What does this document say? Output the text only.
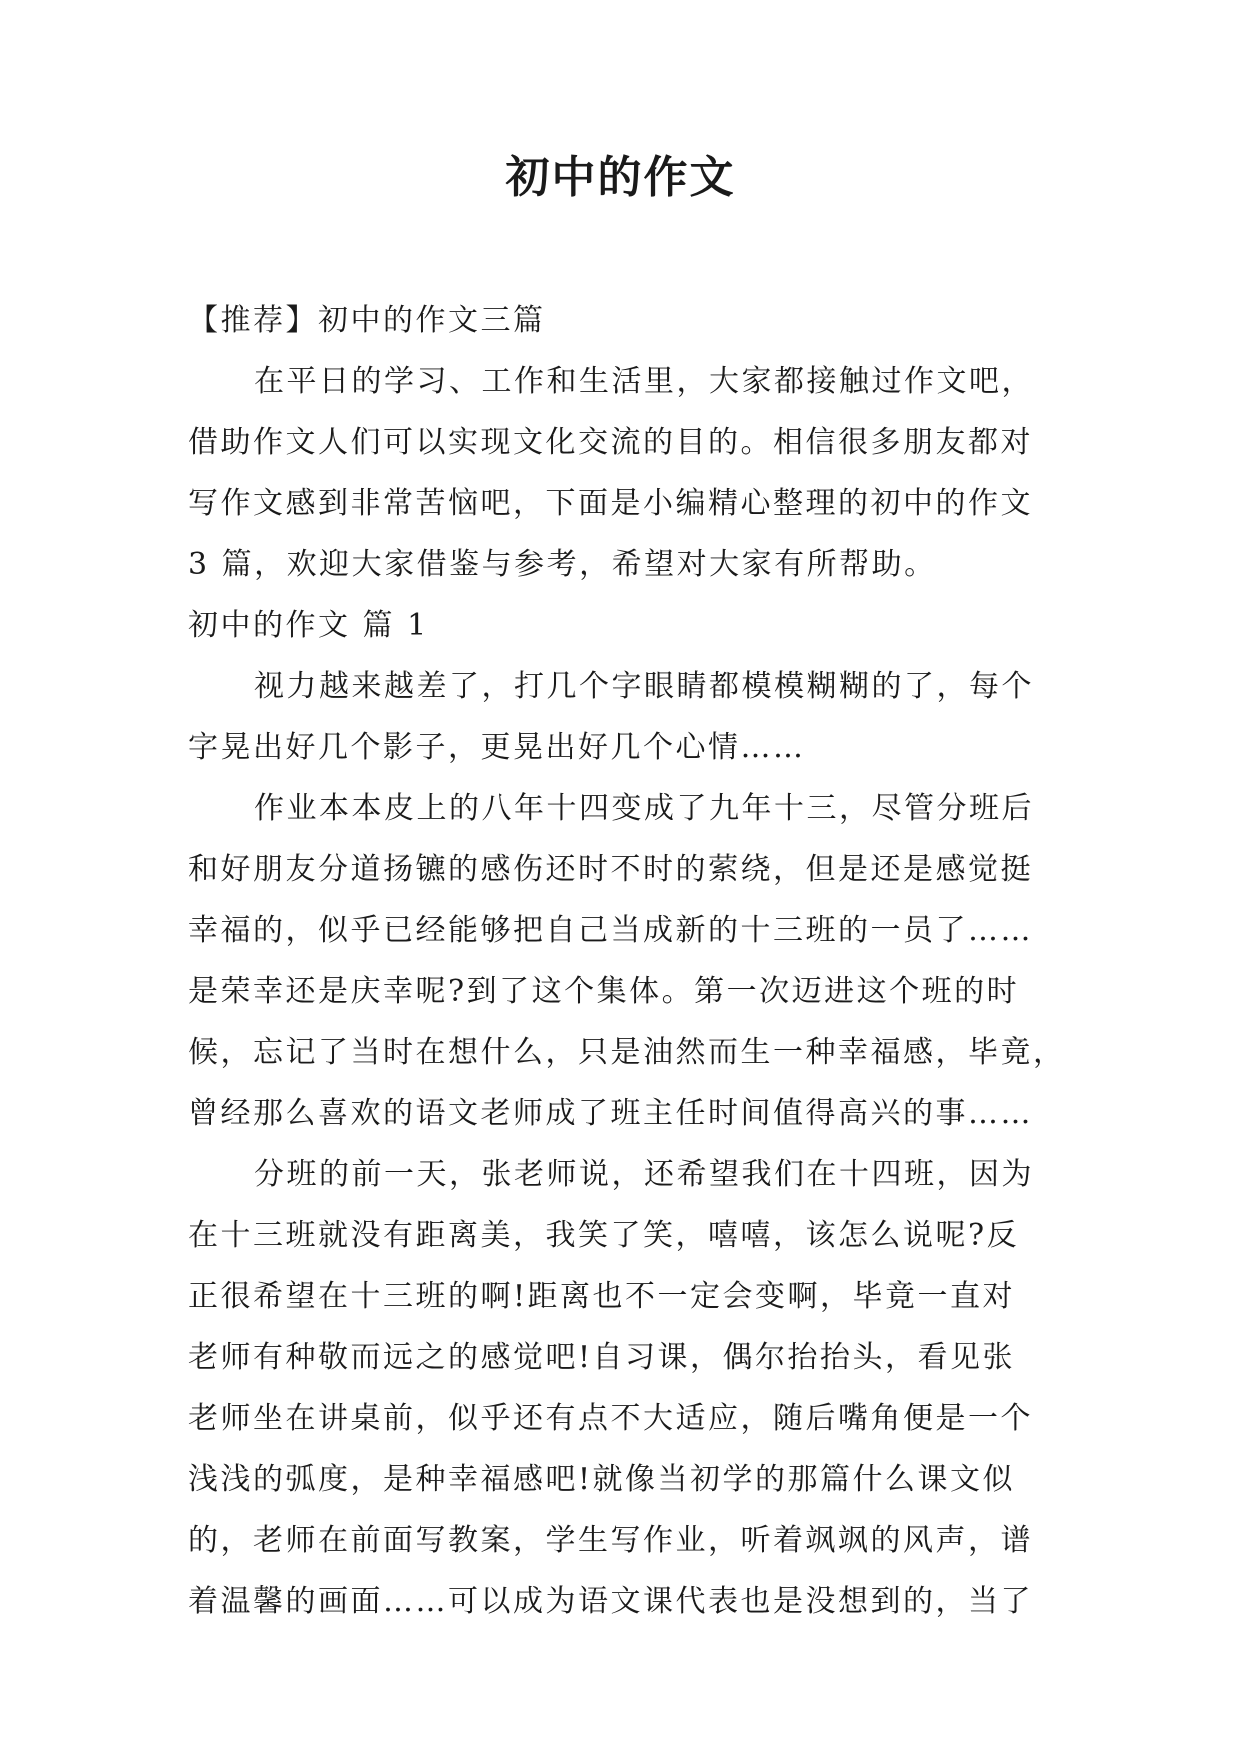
初中的作文
【推荐】初中的作文三篇
在平日的学习、工作和生活里，大家都接触过作文吧，
借助作文人们可以实现文化交流的目的。相信很多朋友都对
写作文感到非常苦恼吧，下面是小编精心整理的初中的作文
3 篇，欢迎大家借鉴与参考，希望对大家有所帮助。
初中的作文 篇 1
视力越来越差了，打几个字眼睛都模模糊糊的了，每个
字晃出好几个影子，更晃出好几个心情……
作业本本皮上的八年十四变成了九年十三，尽管分班后
和好朋友分道扬镳的感伤还时不时的萦绕，但是还是感觉挺
幸福的，似乎已经能够把自己当成新的十三班的一员了……
是荣幸还是庆幸呢?到了这个集体。第一次迈进这个班的时
候，忘记了当时在想什么，只是油然而生一种幸福感，毕竟，
曾经那么喜欢的语文老师成了班主任时间值得高兴的事……
分班的前一天，张老师说，还希望我们在十四班，因为
在十三班就没有距离美，我笑了笑，嘻嘻，该怎么说呢?反
正很希望在十三班的啊!距离也不一定会变啊，毕竟一直对
老师有种敬而远之的感觉吧!自习课，偶尔抬抬头，看见张
老师坐在讲桌前，似乎还有点不大适应，随后嘴角便是一个
浅浅的弧度，是种幸福感吧!就像当初学的那篇什么课文似
的，老师在前面写教案，学生写作业，听着飒飒的风声，谱
着温馨的画面……可以成为语文课代表也是没想到的，当了
